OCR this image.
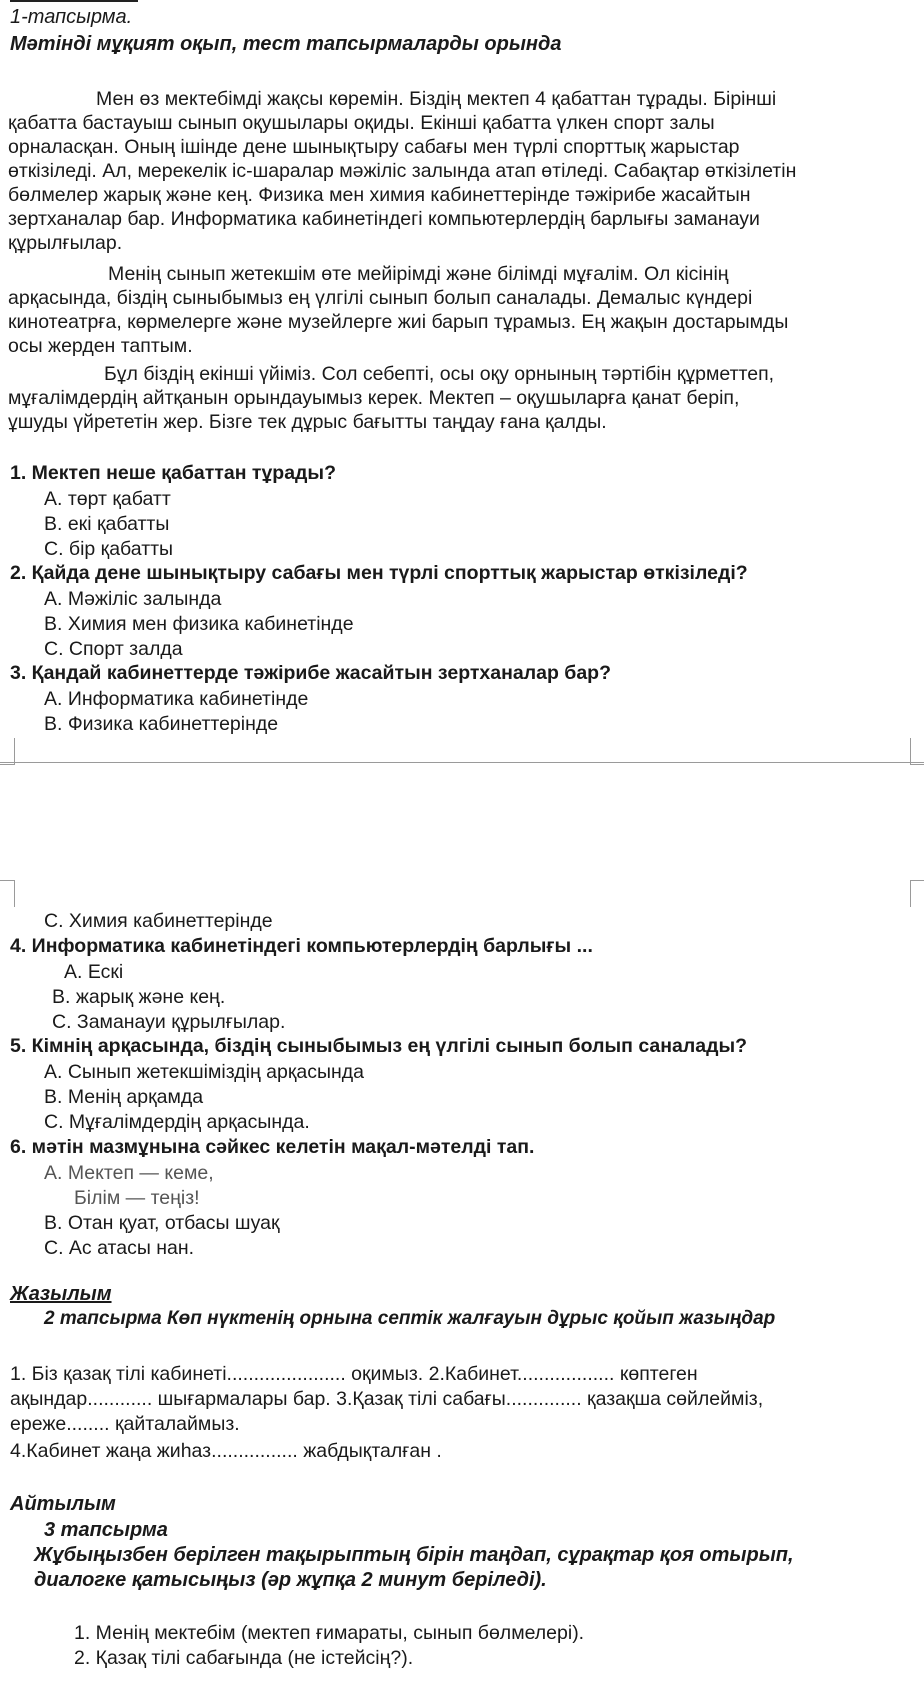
1-тапсырма.
Мәтінді мұқият оқып, тест тапсырмаларды орында
Мен өз мектебімді жақсы көремін. Біздің мектеп 4 қабаттан тұрады. Бірінші
қабатта бастауыш сынып оқушылары оқиды. Екінші қабатта үлкен спорт залы
орналасқан. Оның ішінде дене шынықтыру сабағы мен түрлі спорттық жарыстар
өткізіледі. Ал, мерекелік іс-шаралар мәжіліс залында атап өтіледі. Сабақтар өткізілетін
бөлмелер жарық және кең. Физика мен химия кабинеттерінде тәжірибе жасайтын
зертханалар бар. Информатика кабинетіндегі компьютерлердің барлығы заманауи
құрылғылар.
Менің сынып жетекшім өте мейірімді және білімді мұғалім. Ол кісінің
арқасында, біздің сыныбымыз ең үлгілі сынып болып саналады. Демалыс күндері
кинотеатрға, көрмелерге және музейлерге жиі барып тұрамыз. Ең жақын достарымды
осы жерден таптым.
Бұл біздің екінші үйіміз. Сол себепті, осы оқу орнының тәртібін құрметтеп,
мұғалімдердің айтқанын орындауымыз керек. Мектеп – оқушыларға қанат беріп,
ұшуды үйрететін жер. Бізге тек дұрыс бағытты таңдау ғана қалды.
1. Мектеп неше қабаттан тұрады?
A. төрт қабатт
B. екі қабатты
C. бір қабатты
2. Қайда дене шынықтыру сабағы мен түрлі спорттық жарыстар өткізіледі?
A. Мәжіліс залында
B. Химия мен физика кабинетінде
C. Спорт залда
3. Қандай кабинеттерде тәжірибе жасайтын зертханалар бар?
A. Информатика кабинетінде
B. Физика кабинеттерінде
C. Химия кабинеттерінде
4. Информатика кабинетіндегі компьютерлердің барлығы ...
A. Ескі
B. жарық және кең.
C. Заманауи құрылғылар.
5. Кімнің арқасында, біздің сыныбымыз ең үлгілі сынып болып саналады?
A. Сынып жетекшіміздің арқасында
B. Менің арқамда
C. Мұғалімдердің арқасында.
6. мәтін мазмұнына сәйкес келетін мақал-мәтелді тап.
A. Мектеп — кеме,
Білім — теңіз!
B. Отан қуат, отбасы шуақ
C. Ас атасы нан.
Жазылым
2 тапсырма Көп нүктенің орнына септік жалғауын дұрыс қойып жазыңдар
1. Біз қазақ тілі кабинеті...................... оқимыз. 2.Кабинет.................. көптеген
ақындар............ шығармалары бар. 3.Қазақ тілі сабағы.............. қазақша сөйлейміз,
ереже........ қайталаймыз.
4.Кабинет жаңа жиһаз................ жабдықталған .
Айтылым
3 тапсырма
Жұбыңызбен берілген тақырыптың бірін таңдап, сұрақтар қоя отырып,
диалогке қатысыңыз (әр жұпқа 2 минут беріледі).
1. Менің мектебім (мектеп ғимараты, сынып бөлмелері).
2. Қазақ тілі сабағында (не істейсің?).
